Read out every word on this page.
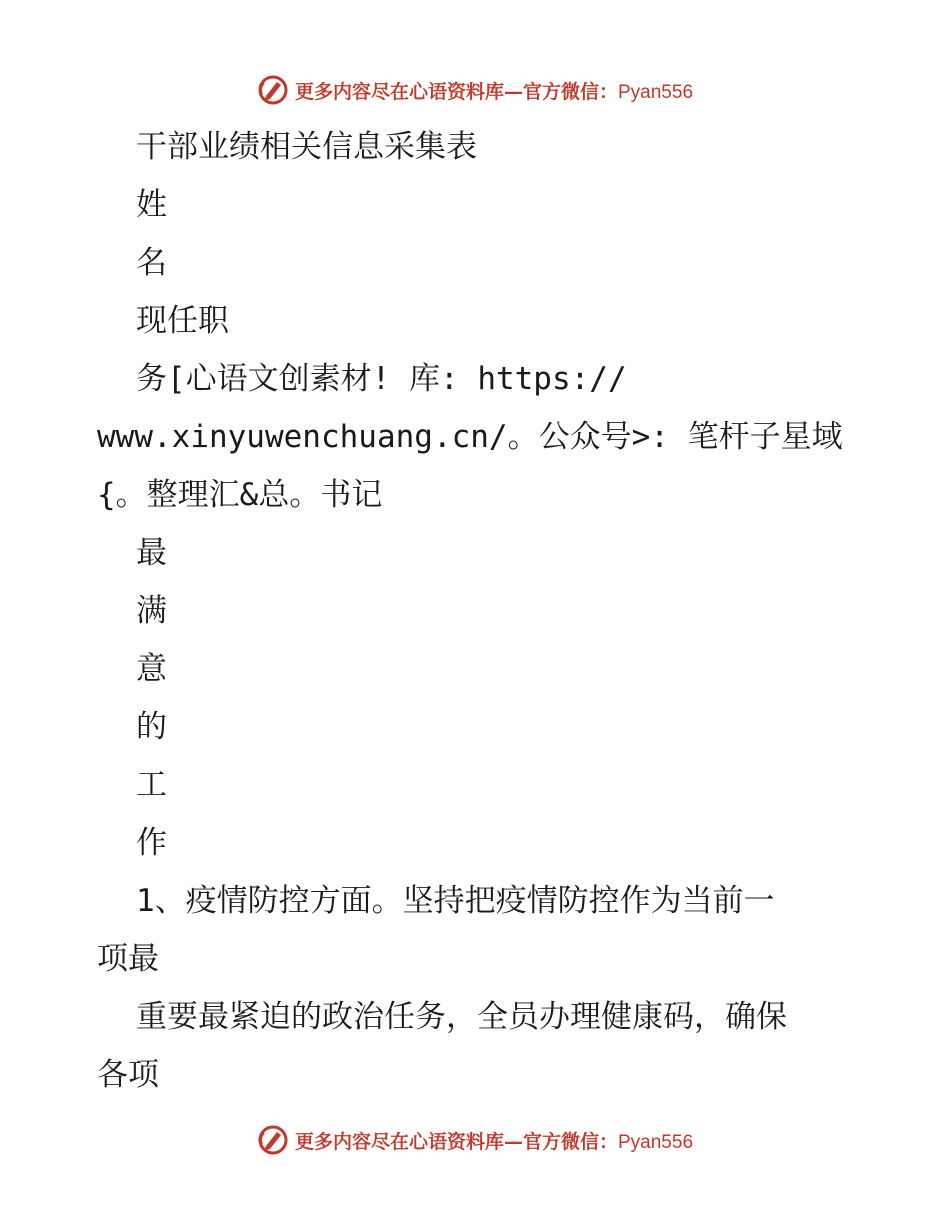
更多内容尽在心语资料库—官方微信：Pyan556
干部业绩相关信息采集表
姓
名
现任职
务[心语文创素材! 库: https://
www.xinyuwenchuang.cn/。公众号>: 笔杆子星域
{。整理汇&总。书记
最
满
意
的
工
作
1、疫情防控方面。坚持把疫情防控作为当前一
项最
重要最紧迫的政治任务，全员办理健康码，确保
各项
更多内容尽在心语资料库—官方微信：Pyan556
